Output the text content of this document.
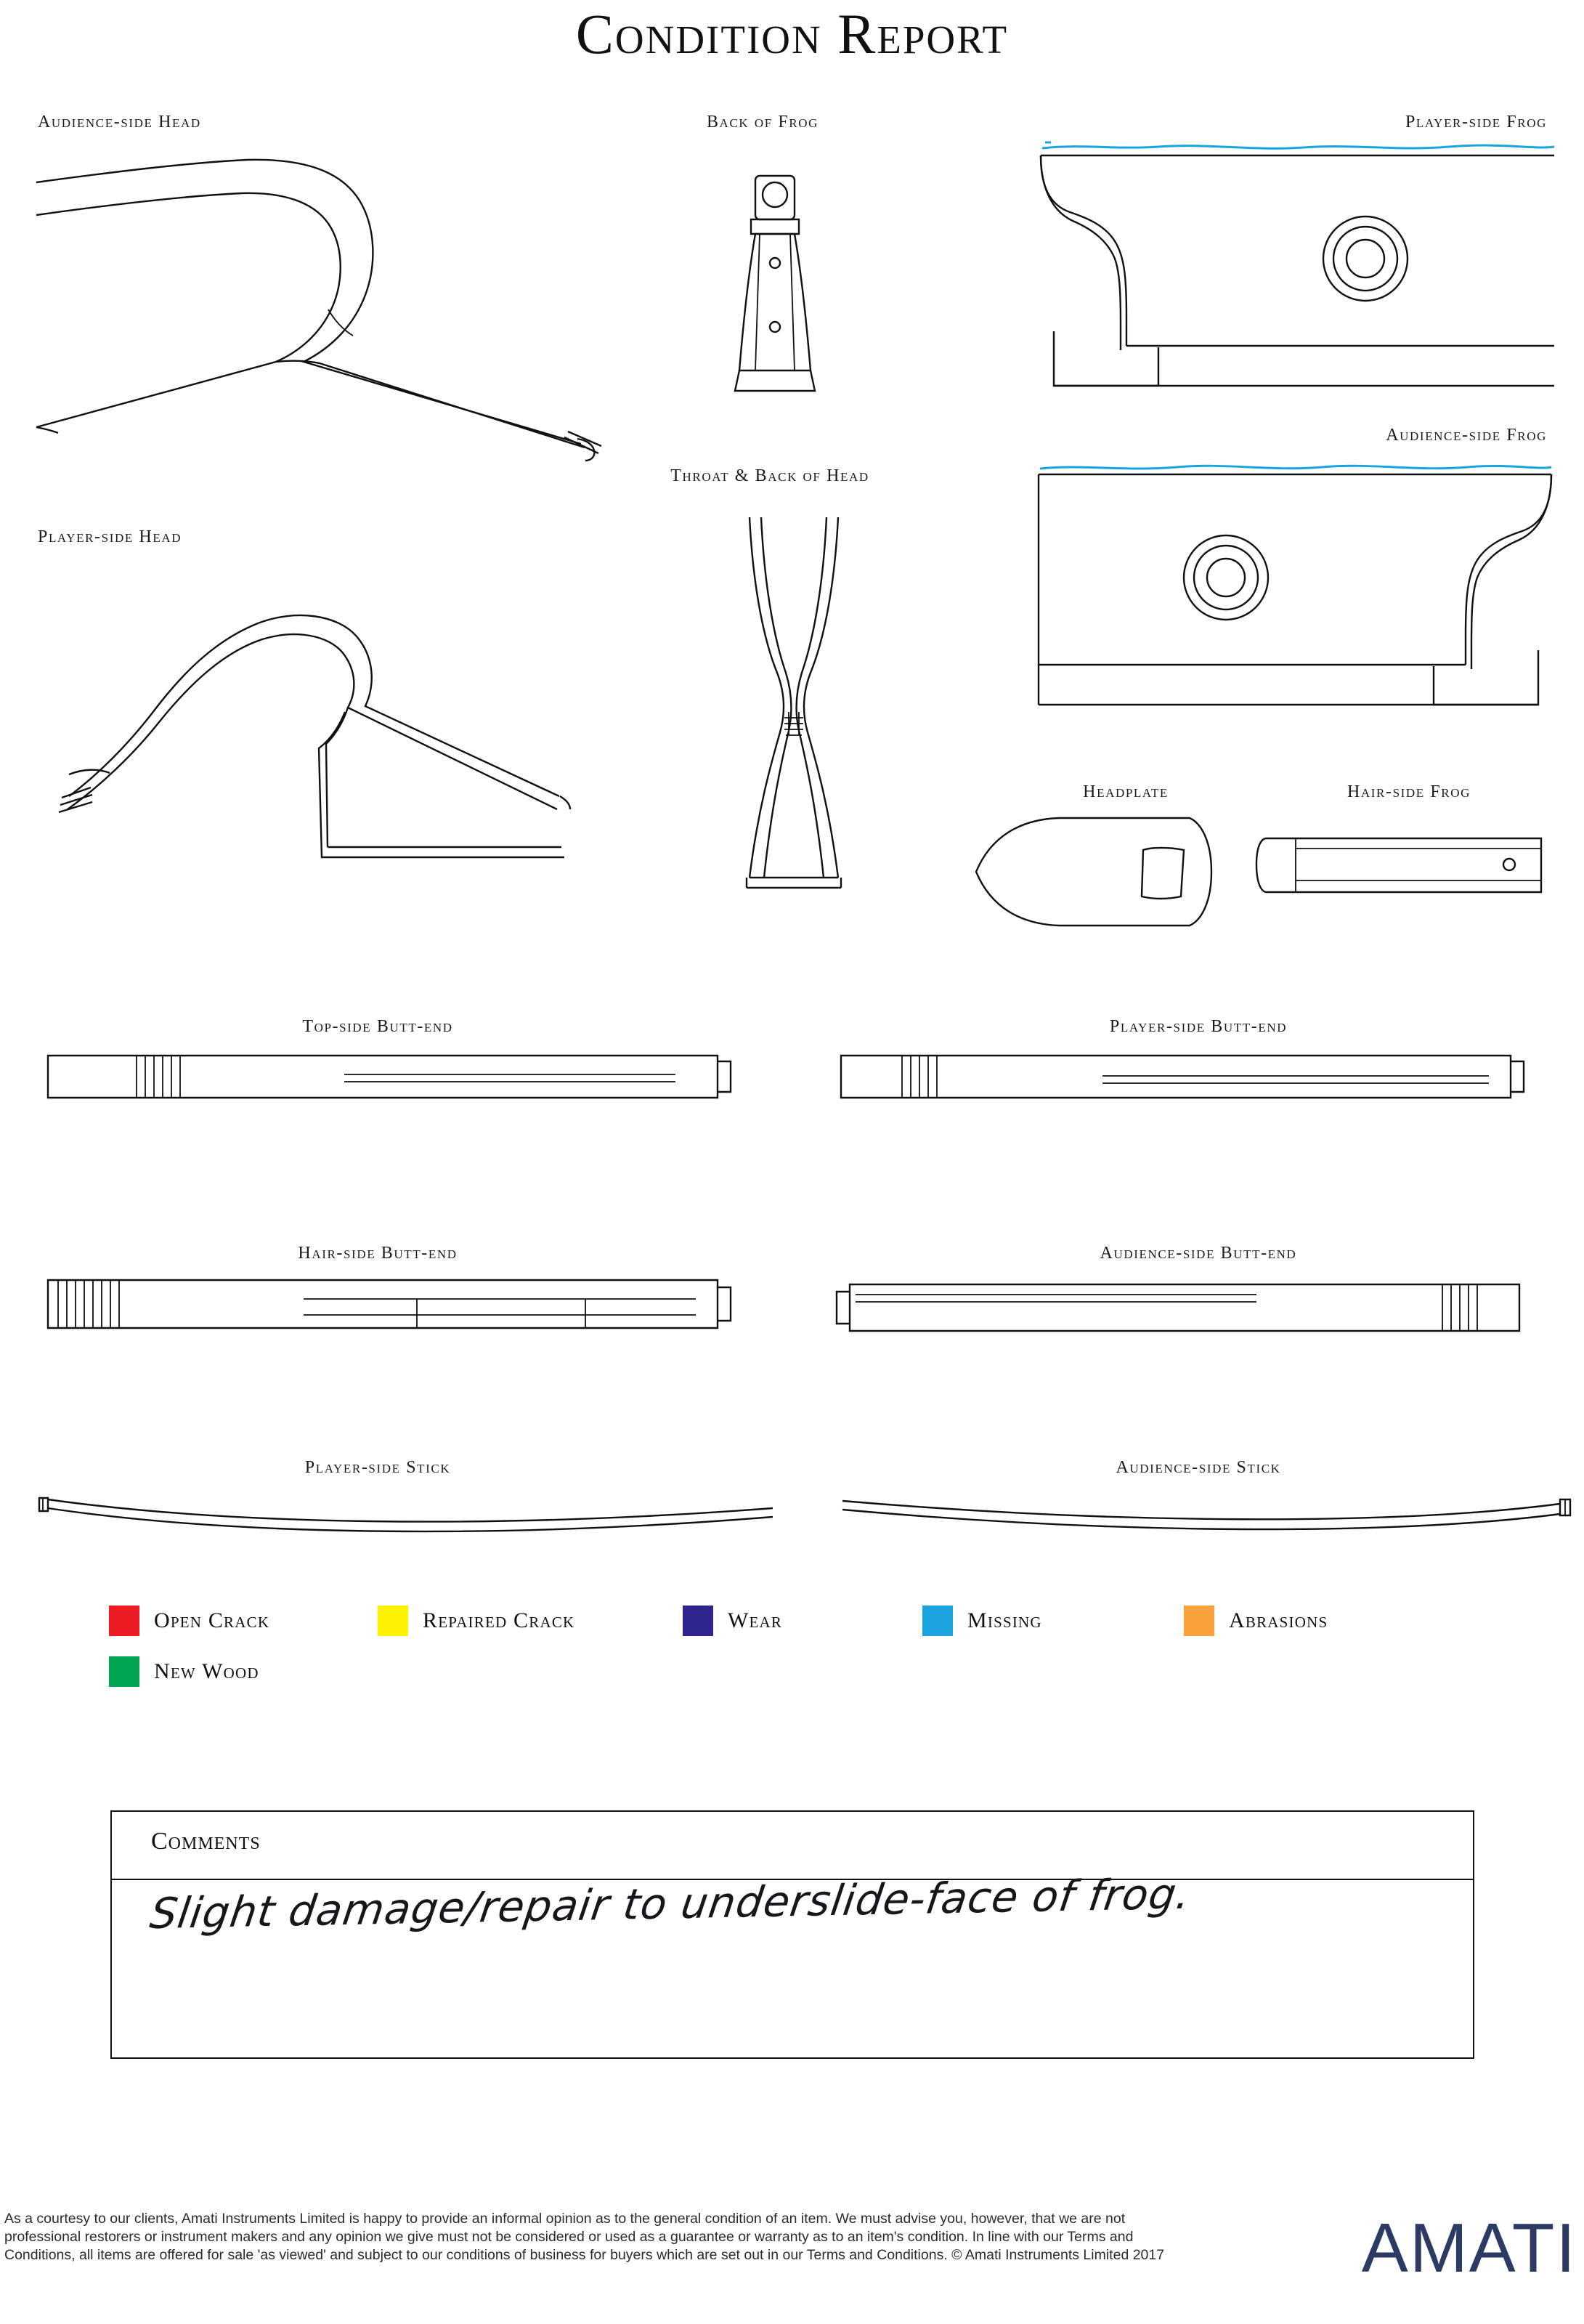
Condition Report
Audience-side Head	Back of Frog	Player-side Frog
Throat & Back of Head
Audience-side Frog
Player-side Head
Headplate	Hair-side Frog
Top-side Butt-end	Player-side Butt-end
Hair-side Butt-end	Audience-side Butt-end
Player-side Stick	Audience-side Stick
Open Crack	Repaired Crack	Wear	Missing	Abrasions
New Wood
Comments
Slight damage/repair to underslide-face of frog.
As a courtesy to our clients, Amati Instruments Limited is happy to provide an informal opinion as to the general condition of an item. We must advise you, however, that we are not professional restorers or instrument makers and any opinion we give must not be considered or used as a guarantee or warranty as to an item's condition. In line with our Terms and Conditions, all items are offered for sale 'as viewed' and subject to our conditions of business for buyers which are set out in our Terms and Conditions. © Amati Instruments Limited 2017	AMATI
